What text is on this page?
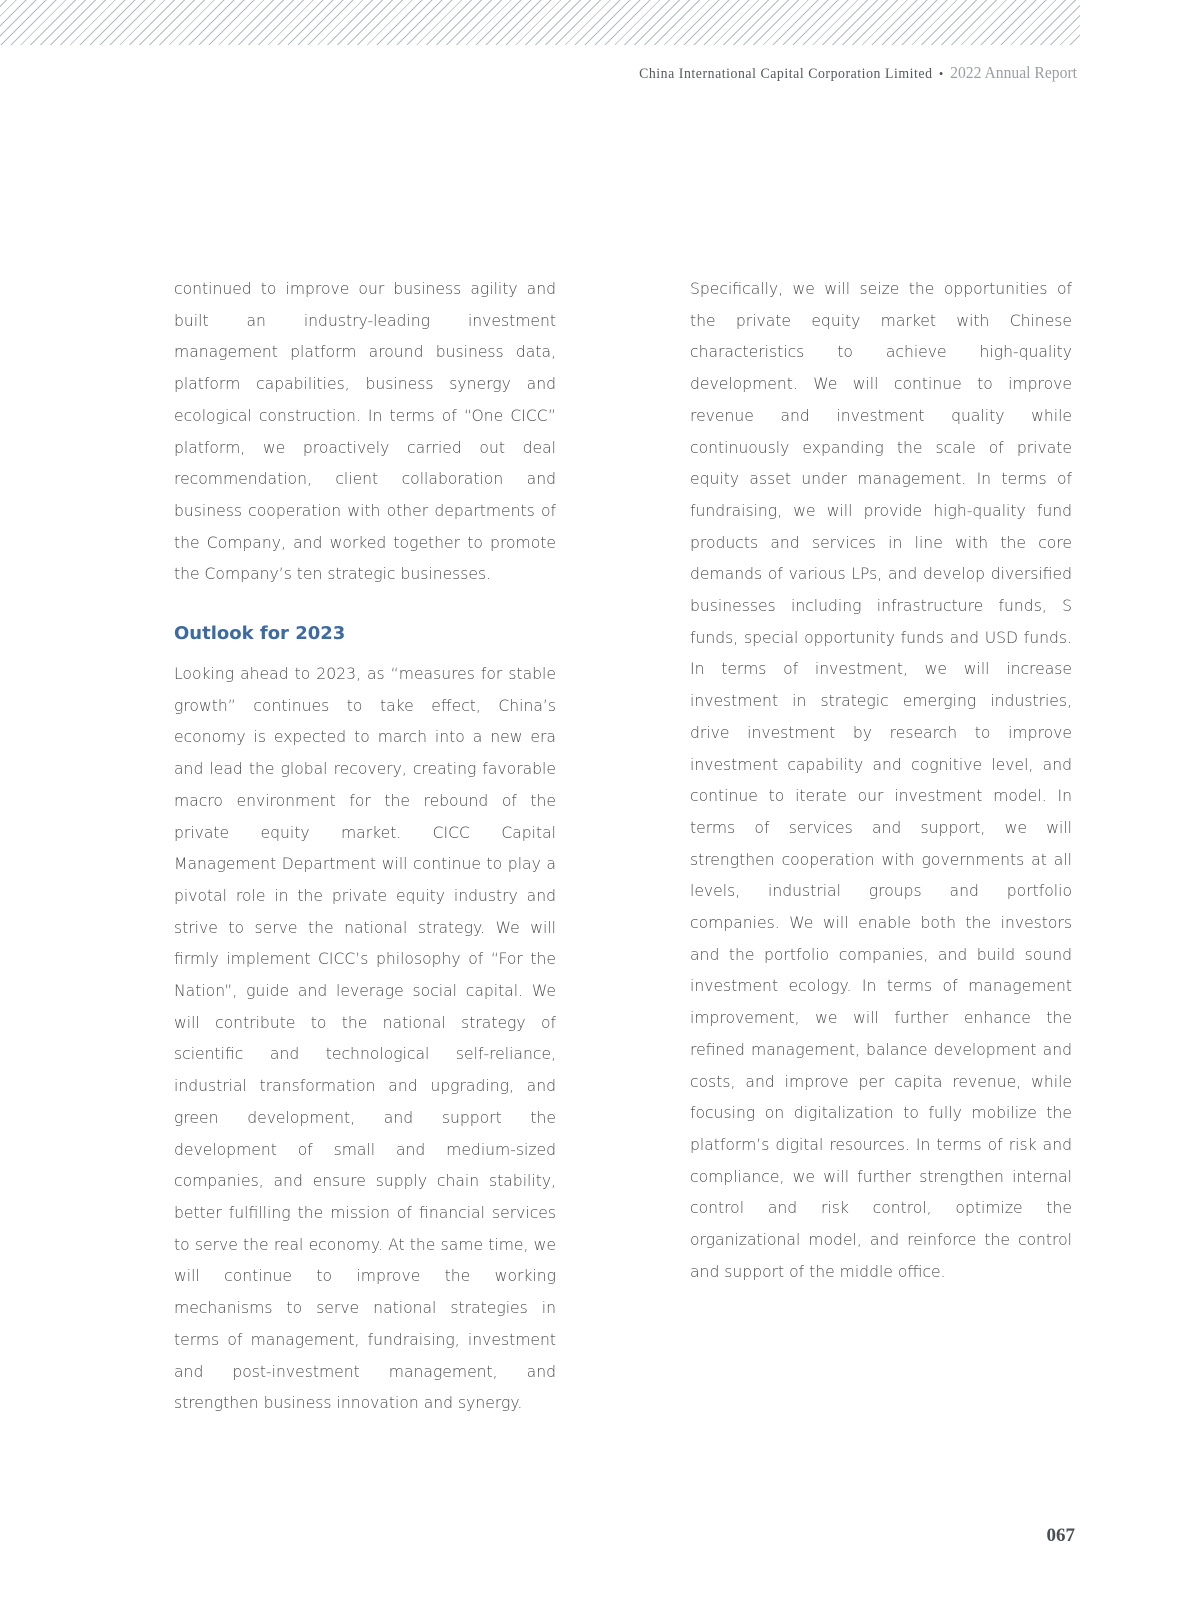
China International Capital Corporation Limited • 2022 Annual Report

continued to improve our business agility and built an industry-leading investment management platform around business data, platform capabilities, business synergy and ecological construction. In terms of “One CICC” platform, we proactively carried out deal recommendation, client collaboration and business cooperation with other departments of the Company, and worked together to promote the Company’s ten strategic businesses.

Outlook for 2023

Looking ahead to 2023, as “measures for stable growth” continues to take effect, China’s economy is expected to march into a new era and lead the global recovery, creating favorable macro environment for the rebound of the private equity market. CICC Capital Management Department will continue to play a pivotal role in the private equity industry and strive to serve the national strategy. We will firmly implement CICC’s philosophy of “For the Nation”, guide and leverage social capital. We will contribute to the national strategy of scientific and technological self-reliance, industrial transformation and upgrading, and green development, and support the development of small and medium-sized companies, and ensure supply chain stability, better fulfilling the mission of financial services to serve the real economy. At the same time, we will continue to improve the working mechanisms to serve national strategies in terms of management, fundraising, investment and post-investment management, and strengthen business innovation and synergy.

Specifically, we will seize the opportunities of the private equity market with Chinese characteristics to achieve high-quality development. We will continue to improve revenue and investment quality while continuously expanding the scale of private equity asset under management. In terms of fundraising, we will provide high-quality fund products and services in line with the core demands of various LPs, and develop diversified businesses including infrastructure funds, S funds, special opportunity funds and USD funds. In terms of investment, we will increase investment in strategic emerging industries, drive investment by research to improve investment capability and cognitive level, and continue to iterate our investment model. In terms of services and support, we will strengthen cooperation with governments at all levels, industrial groups and portfolio companies. We will enable both the investors and the portfolio companies, and build sound investment ecology. In terms of management improvement, we will further enhance the refined management, balance development and costs, and improve per capita revenue, while focusing on digitalization to fully mobilize the platform’s digital resources. In terms of risk and compliance, we will further strengthen internal control and risk control, optimize the organizational model, and reinforce the control and support of the middle office.

067
